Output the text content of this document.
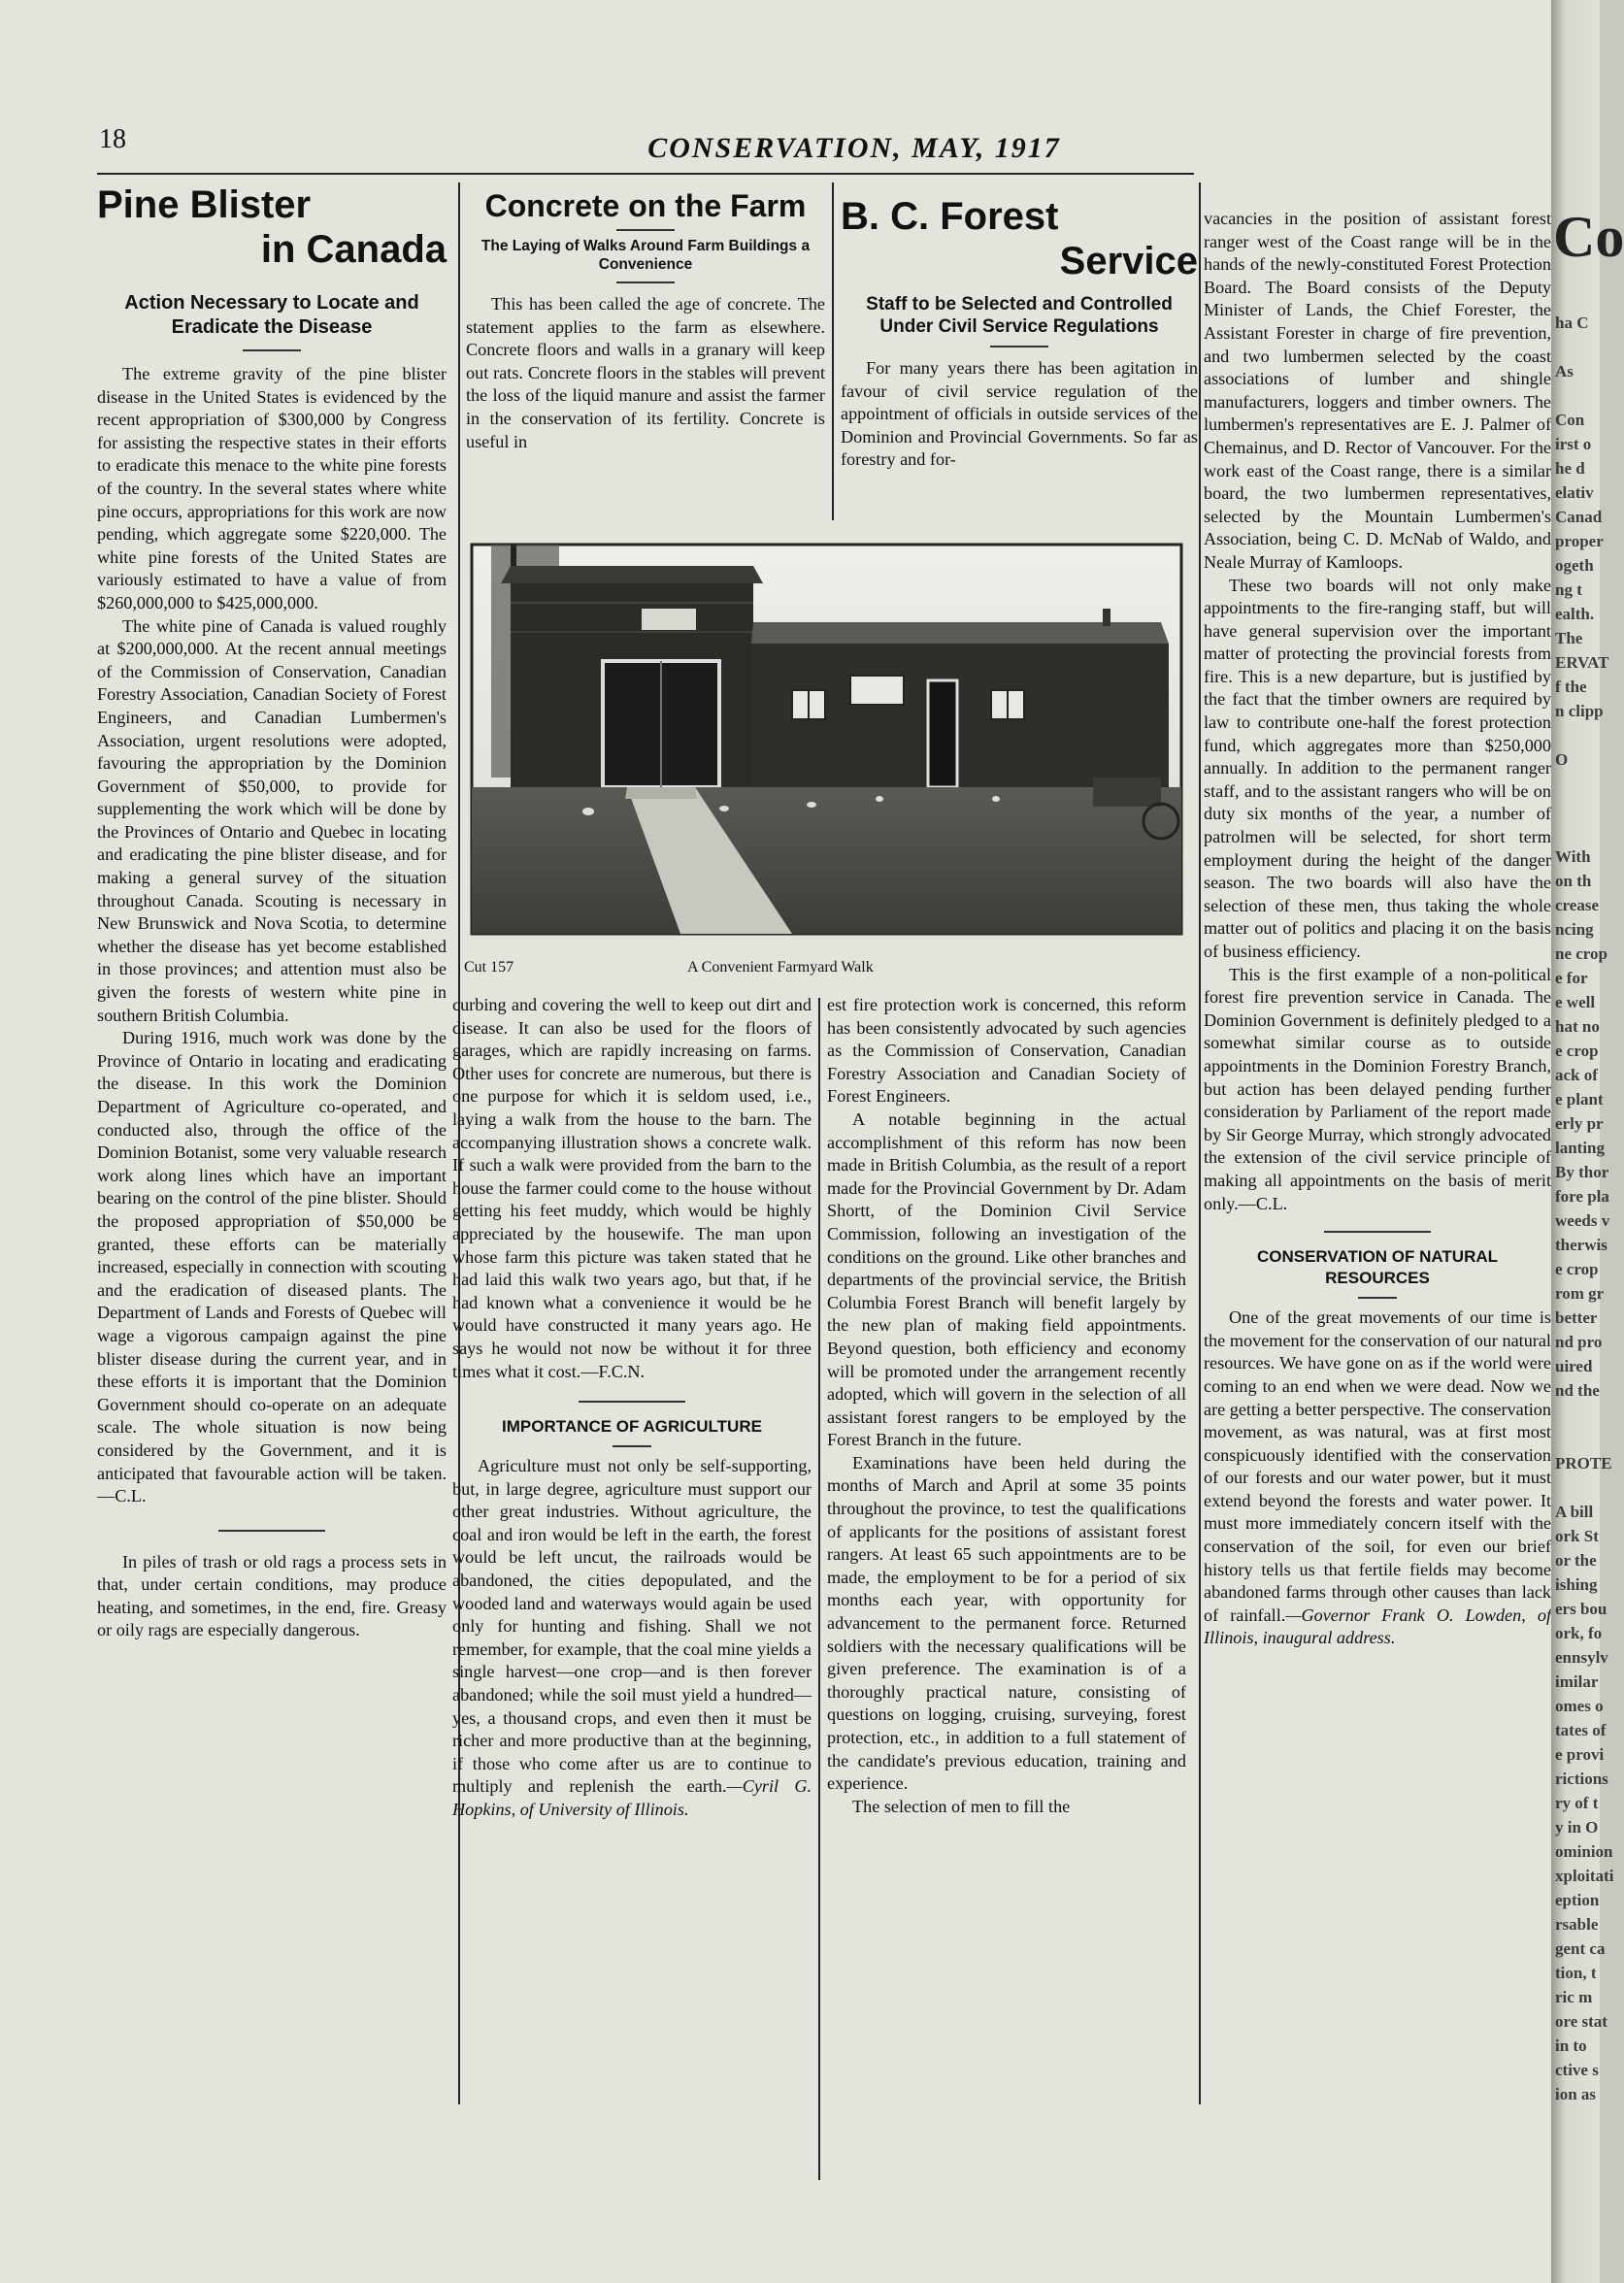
18	CONSERVATION, MAY, 1917
Pine Blister
in Canada

Action Necessary to Locate and Eradicate the Disease

The extreme gravity of the pine blister disease in the United States is evidenced by the recent appropriation of $300,000 by Congress for assisting the respective states in their efforts to eradicate this menace to the white pine forests of the country. In the several states where white pine occurs, appropriations for this work are now pending, which aggregate some $220,000. The white pine forests of the United States are variously estimated to have a value of from $260,000,000 to $425,000,000.

The white pine of Canada is valued roughly at $200,000,000. At the recent annual meetings of the Commission of Conservation, Canadian Forestry Association, Canadian Society of Forest Engineers, and Canadian Lumbermen's Association, urgent resolutions were adopted, favouring the appropriation by the Dominion Government of $50,000, to provide for supplementing the work which will be done by the Provinces of Ontario and Quebec in locating and eradicating the pine blister disease, and for making a general survey of the situation throughout Canada. Scouting is necessary in New Brunswick and Nova Scotia, to determine whether the disease has yet become established in those provinces; and attention must also be given the forests of western white pine in southern British Columbia.

During 1916, much work was done by the Province of Ontario in locating and eradicating the disease. In this work the Dominion Department of Agriculture co-operated, and conducted also, through the office of the Dominion Botanist, some very valuable research work along lines which have an important bearing on the control of the pine blister. Should the proposed appropriation of $50,000 be granted, these efforts can be materially increased, especially in connection with scouting and the eradication of diseased plants. The Department of Lands and Forests of Quebec will wage a vigorous campaign against the pine blister disease during the current year, and in these efforts it is important that the Dominion Government should co-operate on an adequate scale. The whole situation is now being considered by the Government, and it is anticipated that favourable action will be taken.—C.L.

In piles of trash or old rags a process sets in that, under certain conditions, may produce heating, and sometimes, in the end, fire. Greasy or oily rags are especially dangerous.

Concrete on the Farm

The Laying of Walks Around Farm Buildings a Convenience

This has been called the age of concrete. The statement applies to the farm as elsewhere. Concrete floors and walls in a granary will keep out rats. Concrete floors in the stables will prevent the loss of the liquid manure and assist the farmer in the conservation of its fertility. Concrete is useful in

B. C. Forest
Service

Staff to be Selected and Controlled Under Civil Service Regulations

For many years there has been agitation in favour of civil service regulation of the appointment of officials in outside services of the Dominion and Provincial Governments. So far as forestry and for-

Cut 157	A Convenient Farmyard Walk

curbing and covering the well to keep out dirt and disease. It can also be used for the floors of garages, which are rapidly increasing on farms. Other uses for concrete are numerous, but there is one purpose for which it is seldom used, i.e., laying a walk from the house to the barn. The accompanying illustration shows a concrete walk. If such a walk were provided from the barn to the house the farmer could come to the house without getting his feet muddy, which would be highly appreciated by the housewife. The man upon whose farm this picture was taken stated that he had laid this walk two years ago, but that, if he had known what a convenience it would be he would have constructed it many years ago. He says he would not now be without it for three times what it cost.—F.C.N.

IMPORTANCE OF AGRICULTURE

Agriculture must not only be self-supporting, but, in large degree, agriculture must support our other great industries. Without agriculture, the coal and iron would be left in the earth, the forest would be left uncut, the railroads would be abandoned, the cities depopulated, and the wooded land and waterways would again be used only for hunting and fishing. Shall we not remember, for example, that the coal mine yields a single harvest—one crop—and is then forever abandoned; while the soil must yield a hundred—yes, a thousand crops, and even then it must be richer and more productive than at the beginning, if those who come after us are to continue to multiply and replenish the earth.—Cyril G. Hopkins, of University of Illinois.

est fire protection work is concerned, this reform has been consistently advocated by such agencies as the Commission of Conservation, Canadian Forestry Association and Canadian Society of Forest Engineers.

A notable beginning in the actual accomplishment of this reform has now been made in British Columbia, as the result of a report made for the Provincial Government by Dr. Adam Shortt, of the Dominion Civil Service Commission, following an investigation of the conditions on the ground. Like other branches and departments of the provincial service, the British Columbia Forest Branch will benefit largely by the new plan of making field appointments. Beyond question, both efficiency and economy will be promoted under the arrangement recently adopted, which will govern in the selection of all assistant forest rangers to be employed by the Forest Branch in the future.

Examinations have been held during the months of March and April at some 35 points throughout the province, to test the qualifications of applicants for the positions of assistant forest rangers. At least 65 such appointments are to be made, the employment to be for a period of six months each year, with opportunity for advancement to the permanent force. Returned soldiers with the necessary qualifications will be given preference. The examination is of a thoroughly practical nature, consisting of questions on logging, cruising, surveying, forest protection, etc., in addition to a full statement of the candidate's previous education, training and experience.

The selection of men to fill the

vacancies in the position of assistant forest ranger west of the Coast range will be in the hands of the newly-constituted Forest Protection Board. The Board consists of the Deputy Minister of Lands, the Chief Forester, the Assistant Forester in charge of fire prevention, and two lumbermen selected by the coast associations of lumber and shingle manufacturers, loggers and timber owners. The lumbermen's representatives are E. J. Palmer of Chemainus, and D. Rector of Vancouver. For the work east of the Coast range, there is a similar board, the two lumbermen representatives, selected by the Mountain Lumbermen's Association, being C. D. McNab of Waldo, and Neale Murray of Kamloops.

These two boards will not only make appointments to the fire-ranging staff, but will have general supervision over the important matter of protecting the provincial forests from fire. This is a new departure, but is justified by the fact that the timber owners are required by law to contribute one-half the forest protection fund, which aggregates more than $250,000 annually. In addition to the permanent ranger staff, and to the assistant rangers who will be on duty six months of the year, a number of patrolmen will be selected, for short term employment during the height of the danger season. The two boards will also have the selection of these men, thus taking the whole matter out of politics and placing it on the basis of business efficiency.

This is the first example of a non-political forest fire prevention service in Canada. The Dominion Government is definitely pledged to a somewhat similar course as to outside appointments in the Dominion Forestry Branch, but action has been delayed pending further consideration by Parliament of the report made by Sir George Murray, which strongly advocated the extension of the civil service principle of making all appointments on the basis of merit only.—C.L.

CONSERVATION OF NATURAL RESOURCES

One of the great movements of our time is the movement for the conservation of our natural resources. We have gone on as if the world were coming to an end when we were dead. Now we are getting a better perspective. The conservation movement, as was natural, was at first most conspicuously identified with the conservation of our forests and our water power, but it must extend beyond the forests and water power. It must more immediately concern itself with the conservation of the soil, for even our brief history tells us that fertile fields may become abandoned farms through other causes than lack of rainfall.—Governor Frank O. Lowden, of Illinois, inaugural address.

Co
ha C
As
Con
irst o
he d
elativ
Canad
proper
ogeth
ng t
ealth.
The
ERVAT
f the
n clipp
O
With
on th
crease
ncing
ne crop
e for
e well
hat no
e crop
ack of
e plant
erly pr
lanting
By thor
fore pla
weeds v
therwis
e crop
rom gr
better
nd pro
uired
nd the
PROTE
A bill
ork St
or the
ishing
ers bou
ork, fo
ennsylv
imilar
omes o
tates of
e provi
rictions
ry of t
y in O
ominion
xploitati
eption
rsable
gent ca
tion, t
ric m
ore stat
in to
ctive s
ion as
